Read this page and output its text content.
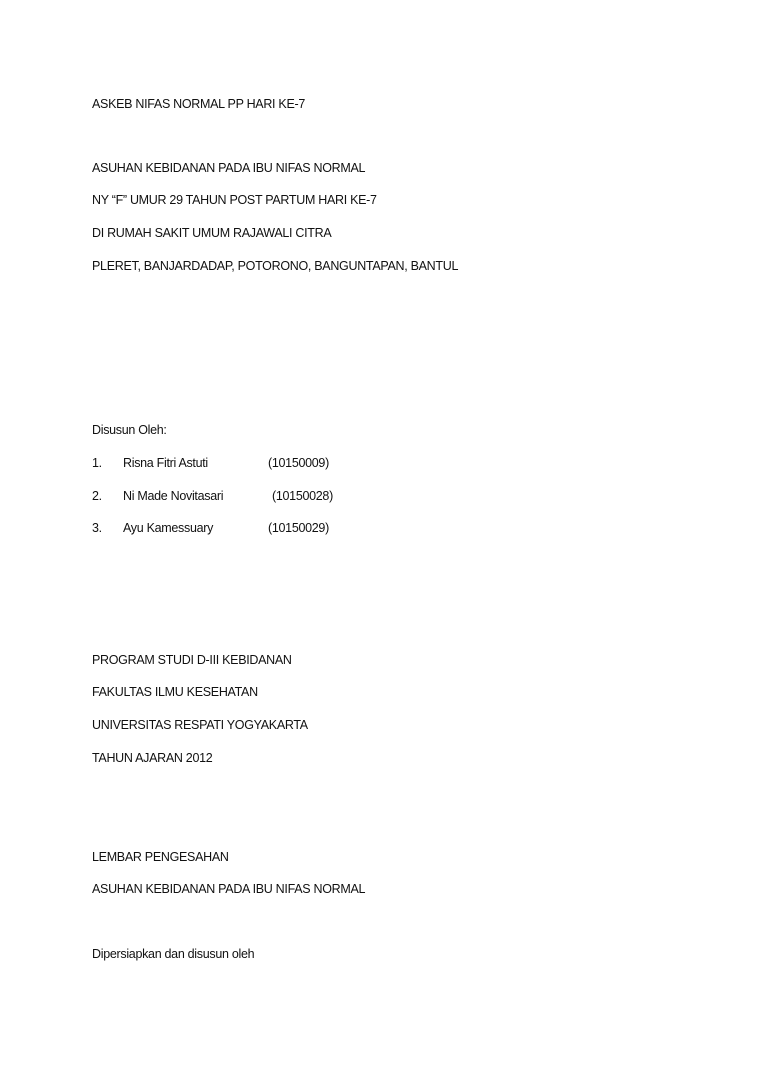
ASKEB NIFAS NORMAL PP HARI KE-7
ASUHAN KEBIDANAN PADA IBU NIFAS NORMAL
NY “F” UMUR 29 TAHUN POST PARTUM HARI KE-7
DI RUMAH SAKIT UMUM RAJAWALI CITRA
PLERET, BANJARDADAP, POTORONO, BANGUNTAPAN, BANTUL
Disusun Oleh:
1. Risna Fitri Astuti	(10150009)
2. Ni Made Novitasari	(10150028)
3. Ayu Kamessuary	(10150029)
PROGRAM STUDI D-III KEBIDANAN
FAKULTAS ILMU KESEHATAN
UNIVERSITAS RESPATI YOGYAKARTA
TAHUN AJARAN 2012
LEMBAR PENGESAHAN
ASUHAN KEBIDANAN PADA IBU NIFAS NORMAL
Dipersiapkan dan disusun oleh
